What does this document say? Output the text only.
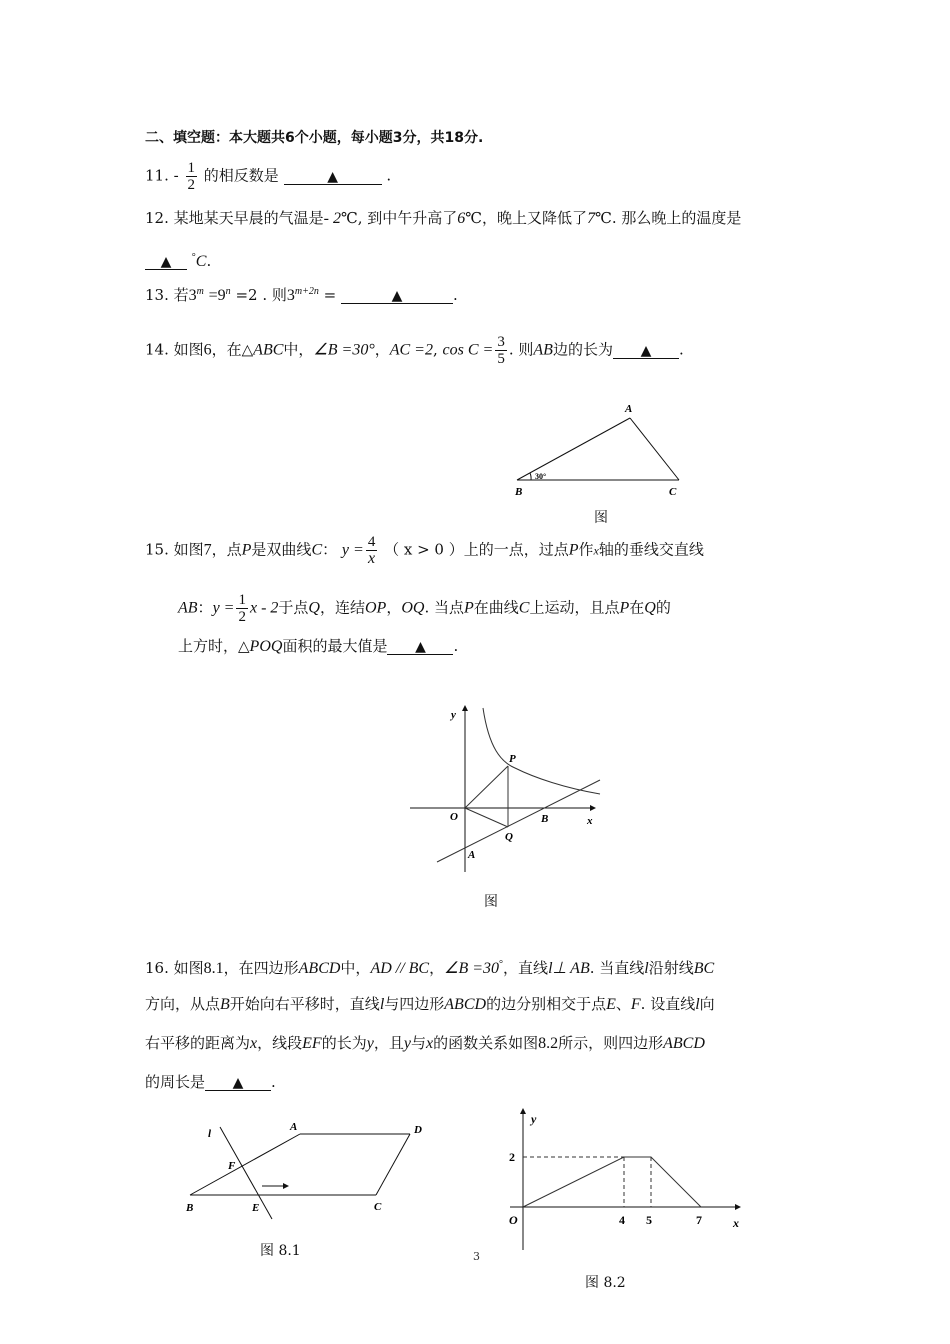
二、填空题：本大题共6个小题，每小题3分，共18分.
11. - $\frac{1}{2}$ 的相反数是	▲	.
12. 某地某天早晨的气温是- 2℃, 到中午升高了6℃，晚上又降低了7℃. 那么晚上的温度是
▲ °C.
13. 若$3^m =9^n =2$ . 则$3^{m+2n}$ =	▲	.
14. 如图6，在△ABC中，∠B =30°，AC =2, $\cos C = \frac{3}{5}$ . 则AB边的长为 ▲ .
A
B	C
30°
图
15. 如图7，点P是双曲线C： $y = \frac{4}{x}$ （ x > 0 ）上的一点，过点P作x轴的垂线交直线
AB：$y = \frac{1}{2}$ x - 2于点Q，连结OP，OQ. 当点P在曲线C上运动，且点P在Q的
上方时，△POQ面积的最大值是 ▲ .
y
x
O
P
Q
B
A
图
16. 如图8.1，在四边形ABCD中，AD // BC，∠B =30°，直线l⊥ AB. 当直线l沿射线BC
方向，从点B开始向右平移时，直线l与四边形ABCD的边分别相交于点E、F. 设直线l向
右平移的距离为x，线段EF的长为y，且y与x的函数关系如图8.2所示，则四边形ABCD
的周长是 ▲ .
l
A	D
F
B	E	C
图 8.1
y
x
O
2
4 5	7
3
图 8.2
